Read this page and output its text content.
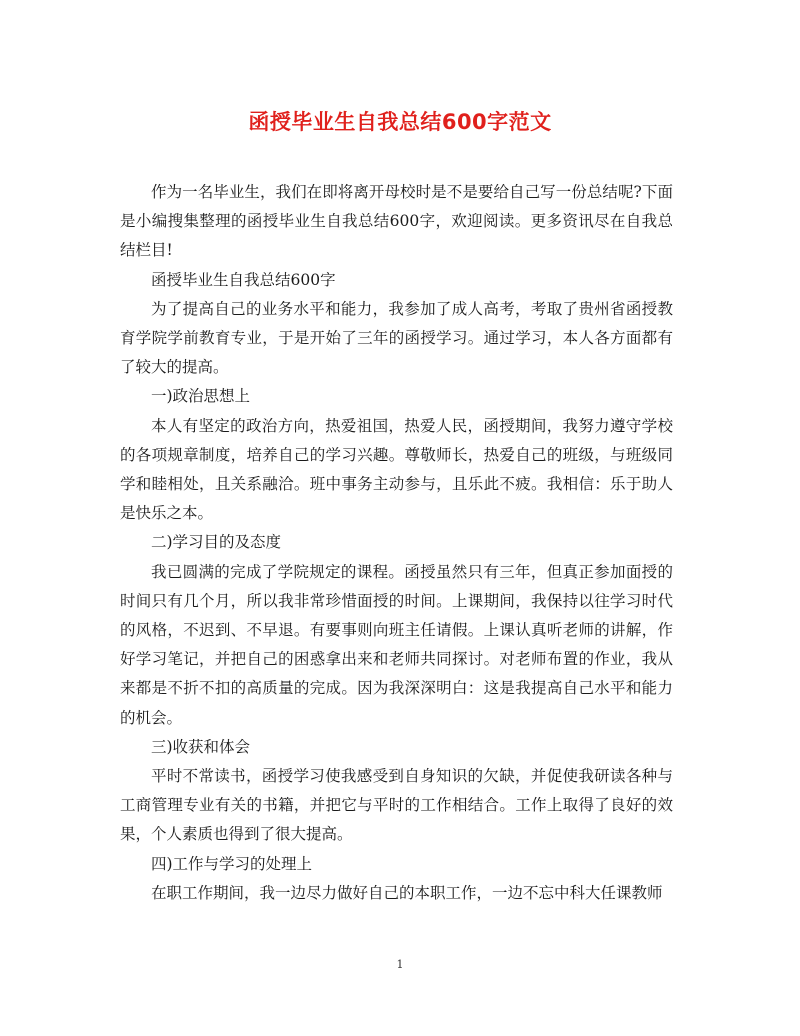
函授毕业生自我总结600字范文

作为一名毕业生，我们在即将离开母校时是不是要给自己写一份总结呢?下面是小编搜集整理的函授毕业生自我总结600字，欢迎阅读。更多资讯尽在自我总结栏目!

函授毕业生自我总结600字

为了提高自己的业务水平和能力，我参加了成人高考，考取了贵州省函授教育学院学前教育专业，于是开始了三年的函授学习。通过学习，本人各方面都有了较大的提高。

一)政治思想上

本人有坚定的政治方向，热爱祖国，热爱人民，函授期间，我努力遵守学校的各项规章制度，培养自己的学习兴趣。尊敬师长，热爱自己的班级，与班级同学和睦相处，且关系融洽。班中事务主动参与，且乐此不疲。我相信：乐于助人是快乐之本。

二)学习目的及态度

我已圆满的完成了学院规定的课程。函授虽然只有三年，但真正参加面授的时间只有几个月，所以我非常珍惜面授的时间。上课期间，我保持以往学习时代的风格，不迟到、不早退。有要事则向班主任请假。上课认真听老师的讲解，作好学习笔记，并把自己的困惑拿出来和老师共同探讨。对老师布置的作业，我从来都是不折不扣的高质量的完成。因为我深深明白：这是我提高自己水平和能力的机会。

三)收获和体会

平时不常读书，函授学习使我感受到自身知识的欠缺，并促使我研读各种与工商管理专业有关的书籍，并把它与平时的工作相结合。工作上取得了良好的效果，个人素质也得到了很大提高。

四)工作与学习的处理上

在职工作期间，我一边尽力做好自己的本职工作，一边不忘中科大任课教师

1
